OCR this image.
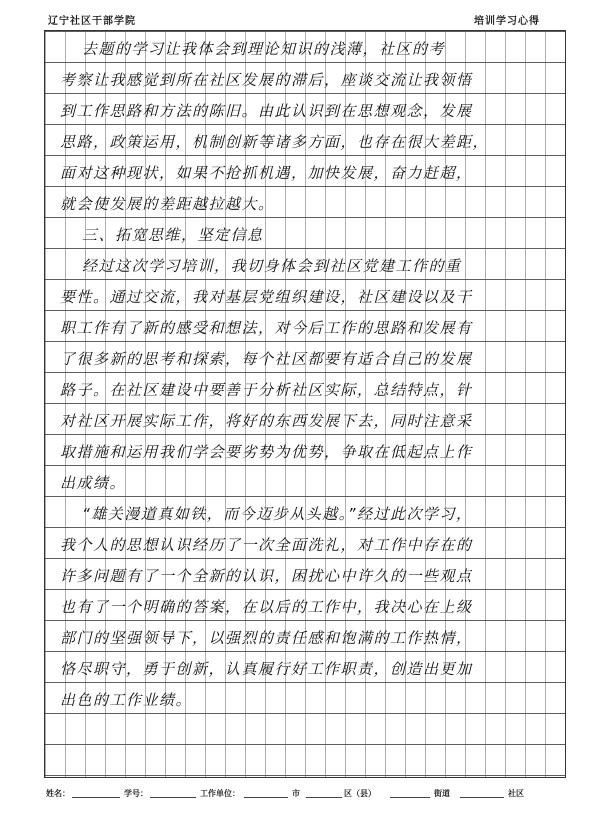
辽宁社区干部学院	培训学习心得
去题的学习让我体会到理论知识的浅薄，社区的考
考察让我感觉到所在社区发展的滞后，座谈交流让我领悟
到工作思路和方法的陈旧。由此认识到在思想观念，发展
思路，政策运用，机制创新等诸多方面，也存在很大差距，
面对这种现状，如果不抢抓机遇，加快发展，奋力赶超，
就会使发展的差距越拉越大。
三、拓宽思维，坚定信息
经过这次学习培训，我切身体会到社区党建工作的重
要性。通过交流，我对基层党组织建设，社区建设以及干
职工作有了新的感受和想法，对今后工作的思路和发展有
了很多新的思考和探索，每个社区都要有适合自己的发展
路子。在社区建设中要善于分析社区实际，总结特点，针
对社区开展实际工作，将好的东西发展下去，同时注意采
取措施和运用我们学会要劣势为优势，争取在低起点上作
出成绩。
“雄关漫道真如铁，而今迈步从头越。”经过此次学习，
我个人的思想认识经历了一次全面洗礼，对工作中存在的
许多问题有了一个全新的认识，困扰心中许久的一些观点
也有了一个明确的答案，在以后的工作中，我决心在上级
部门的坚强领导下，以强烈的责任感和饱满的工作热情，
恪尽职守，勇于创新，认真履行好工作职责，创造出更加
出色的工作业绩。
姓名：	学号：	工作单位：	市	区（县）	街道	社区
